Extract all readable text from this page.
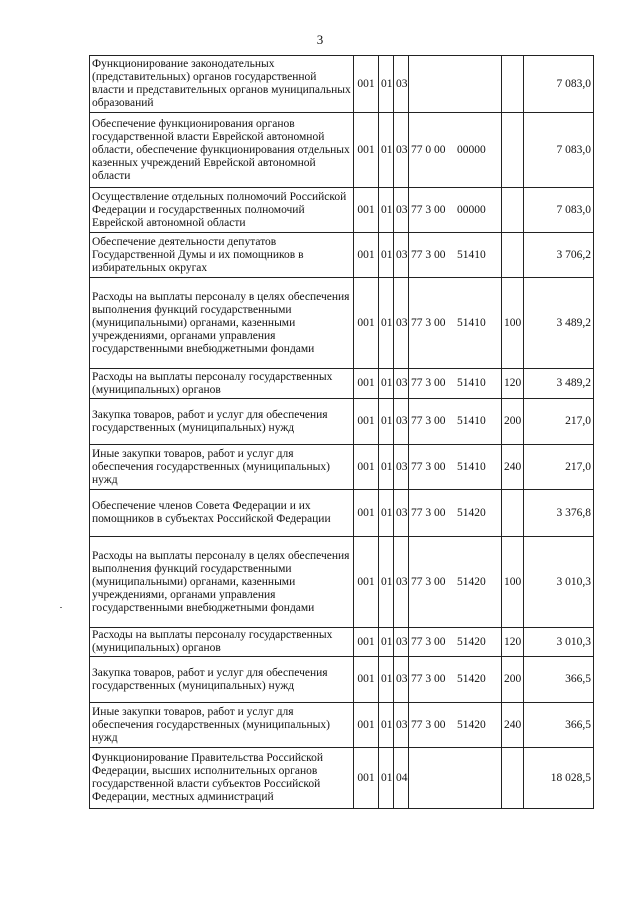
3
Функционирование законодательных (представительных) органов государственной власти и представительных органов муниципальных образований	001	01	03			7 083,0
Обеспечение функционирования органов государственной власти Еврейской автономной области, обеспечение функционирования отдельных казенных учреждений Еврейской автономной области	001	01	03	77 0 00    00000		7 083,0
Осуществление отдельных полномочий Российской Федерации и государственных полномочий Еврейской автономной области	001	01	03	77 3 00    00000		7 083,0
Обеспечение деятельности депутатов Государственной Думы и их помощников в избирательных округах	001	01	03	77 3 00    51410		3 706,2
Расходы на выплаты персоналу в целях обеспечения выполнения функций государственными (муниципальными) органами, казенными учреждениями, органами управления государственными внебюджетными фондами	001	01	03	77 3 00    51410	100	3 489,2
Расходы на выплаты персоналу государственных (муниципальных) органов	001	01	03	77 3 00    51410	120	3 489,2
Закупка товаров, работ и услуг для обеспечения государственных (муниципальных) нужд	001	01	03	77 3 00    51410	200	217,0
Иные закупки товаров, работ и услуг для обеспечения государственных (муниципальных) нужд	001	01	03	77 3 00    51410	240	217,0
Обеспечение членов Совета Федерации и их помощников в субъектах Российской Федерации	001	01	03	77 3 00    51420		3 376,8
Расходы на выплаты персоналу в целях обеспечения выполнения функций государственными (муниципальными) органами, казенными учреждениями, органами управления государственными внебюджетными фондами	001	01	03	77 3 00    51420	100	3 010,3
Расходы на выплаты персоналу государственных (муниципальных) органов	001	01	03	77 3 00    51420	120	3 010,3
Закупка товаров, работ и услуг для обеспечения государственных (муниципальных) нужд	001	01	03	77 3 00    51420	200	366,5
Иные закупки товаров, работ и услуг для обеспечения государственных (муниципальных) нужд	001	01	03	77 3 00    51420	240	366,5
Функционирование Правительства Российской Федерации, высших исполнительных органов государственной власти субъектов Российской Федерации, местных администраций	001	01	04			18 028,5
